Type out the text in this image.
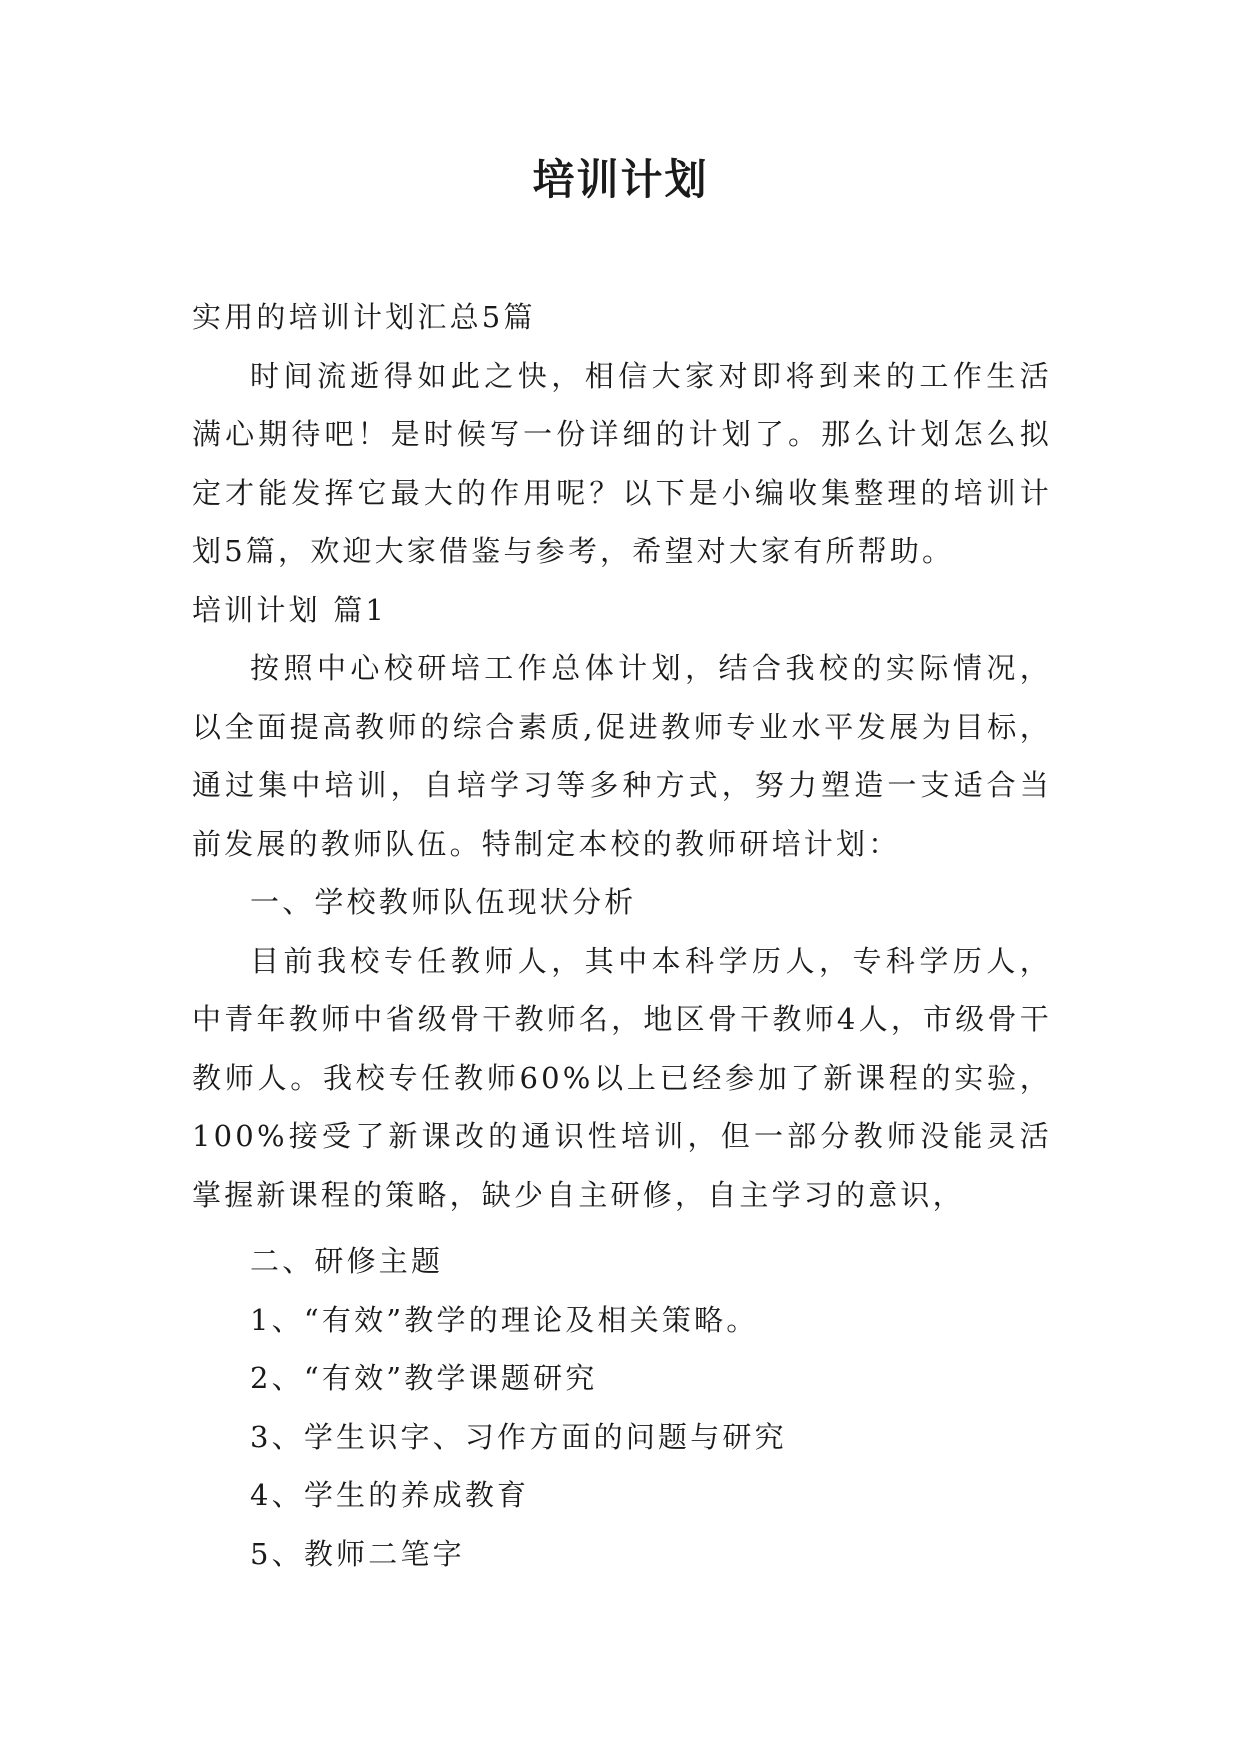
培训计划

实用的培训计划汇总5篇

时间流逝得如此之快，相信大家对即将到来的工作生活满心期待吧！是时候写一份详细的计划了。那么计划怎么拟定才能发挥它最大的作用呢？以下是小编收集整理的培训计划5篇，欢迎大家借鉴与参考，希望对大家有所帮助。

培训计划 篇1

按照中心校研培工作总体计划，结合我校的实际情况，以全面提高教师的综合素质,促进教师专业水平发展为目标，通过集中培训，自培学习等多种方式，努力塑造一支适合当前发展的教师队伍。特制定本校的教师研培计划：

一、学校教师队伍现状分析

目前我校专任教师人，其中本科学历人，专科学历人，中青年教师中省级骨干教师名，地区骨干教师4人，市级骨干教师人。我校专任教师60%以上已经参加了新课程的实验，100%接受了新课改的通识性培训，但一部分教师没能灵活掌握新课程的策略，缺少自主研修，自主学习的意识，

二、研修主题

1、“有效”教学的理论及相关策略。

2、“有效”教学课题研究

3、学生识字、习作方面的问题与研究

4、学生的养成教育

5、教师二笔字
